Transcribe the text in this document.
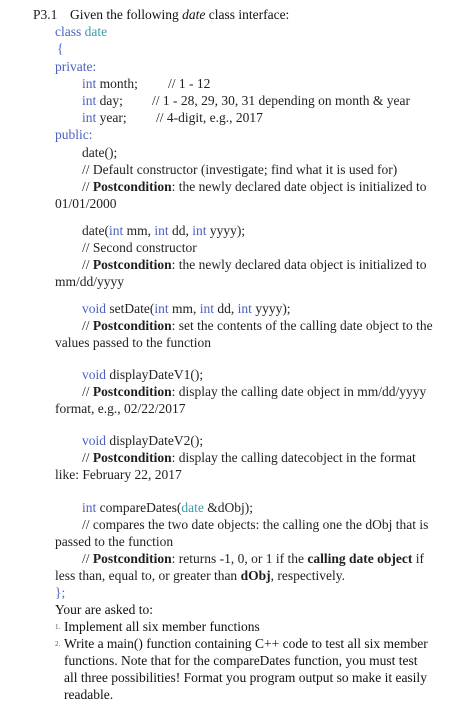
P3.1 Given the following date class interface:
class date
{
private:
int month; // 1 - 12
int day; // 1 - 28, 29, 30, 31 depending on month & year
int year; // 4-digit, e.g., 2017
public:
date();
// Default constructor (investigate; find what it is used for)
// Postcondition: the newly declared date object is initialized to
01/01/2000
date(int mm, int dd, int yyyy);
// Second constructor
// Postcondition: the newly declared data object is initialized to
mm/dd/yyyy
void setDate(int mm, int dd, int yyyy);
// Postcondition: set the contents of the calling date object to the
values passed to the function
void displayDateV1();
// Postcondition: display the calling date object in mm/dd/yyyy
format, e.g., 02/22/2017
void displayDateV2();
// Postcondition: display the calling datecobject in the format
like: February 22, 2017
int compareDates(date &dObj);
// compares the two date objects: the calling one the dObj that is
passed to the function
// Postcondition: returns -1, 0, or 1 if the calling date object if
less than, equal to, or greater than dObj, respectively.
};
Your are asked to:
1. Implement all six member functions
2. Write a main() function containing C++ code to test all six member
functions. Note that for the compareDates function, you must test
all three possibilities! Format you program output so make it easily
readable.
